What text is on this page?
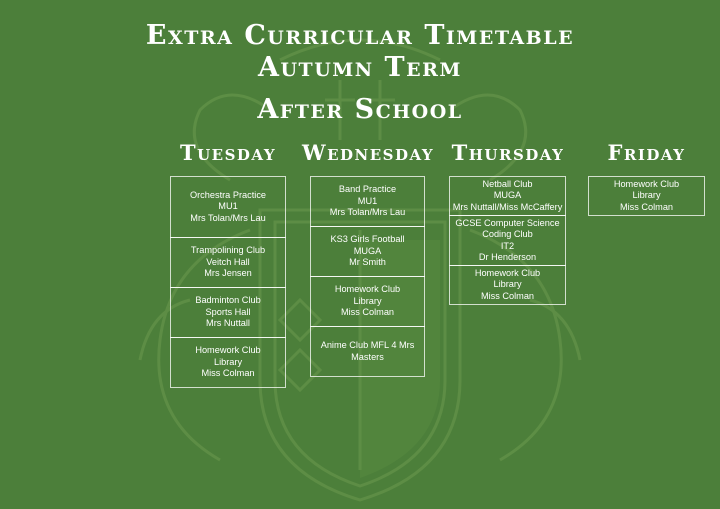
Extra Curricular Timetable
Autumn Term
After School
Tuesday	Wednesday Thursday	Friday
Orchestra Practice
MU1
Mrs Tolan/Mrs Lau
Trampolining Club
Veitch Hall
Mrs Jensen
Badminton Club
Sports Hall
Mrs Nuttall
Homework Club
Library
Miss Colman
Band Practice
MU1
Mrs Tolan/Mrs Lau
KS3 Girls Football
MUGA
Mr Smith
Homework Club
Library
Miss Colman
Anime Club MFL 4 Mrs
Masters
Netball Club
MUGA
Mrs Nuttall/Miss McCaffery
GCSE Computer Science
Coding Club
IT2
Dr Henderson
Homework Club
Library
Miss Colman
Homework Club
Library
Miss Colman
